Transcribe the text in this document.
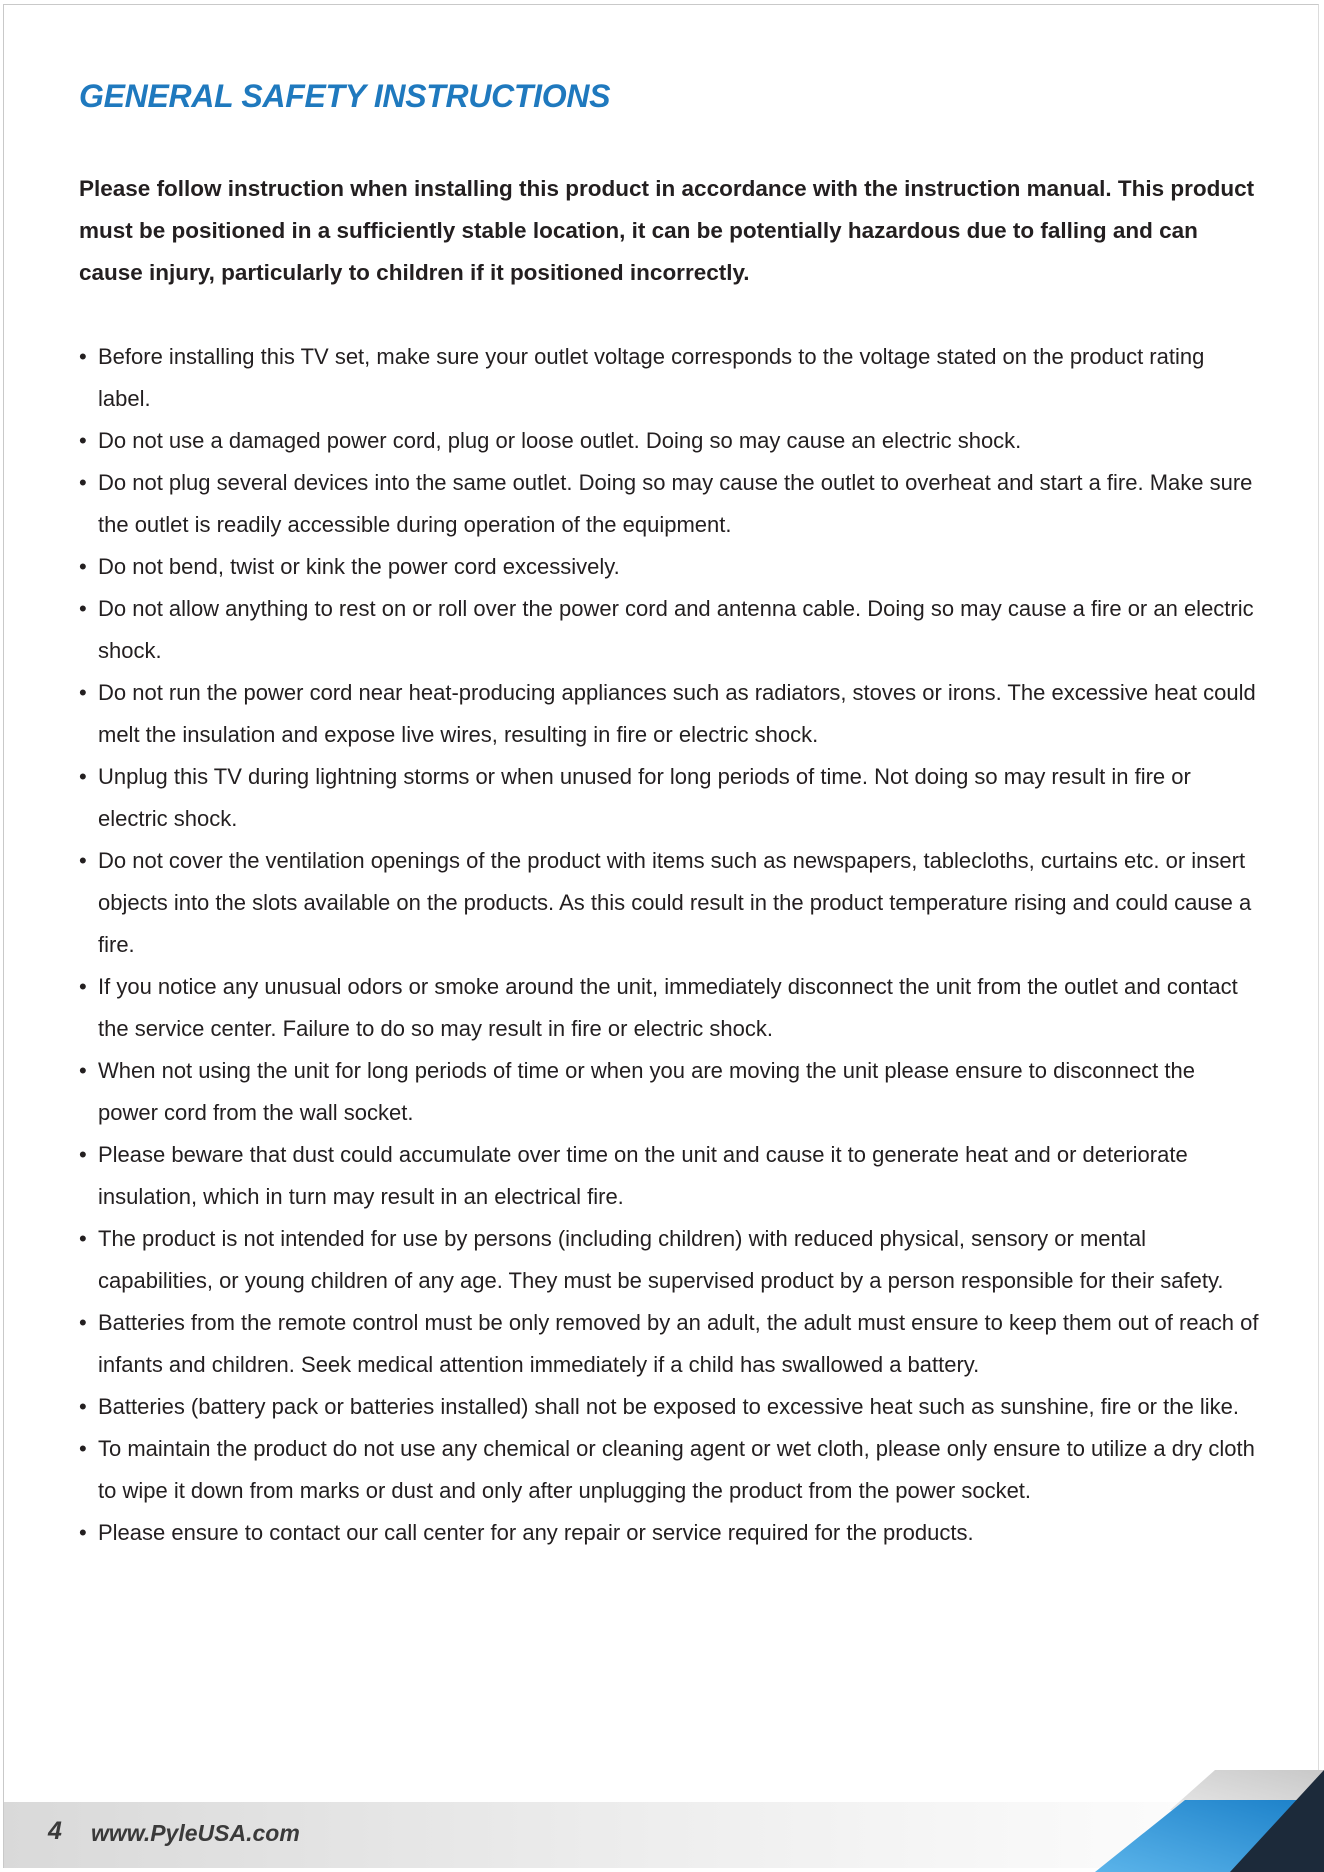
GENERAL SAFETY INSTRUCTIONS

Please follow instruction when installing this product in accordance with the instruction manual. This product must be positioned in a sufficiently stable location, it can be potentially hazardous due to falling and can cause injury, particularly to children if it positioned incorrectly.

• Before installing this TV set, make sure your outlet voltage corresponds to the voltage stated on the product rating label.
• Do not use a damaged power cord, plug or loose outlet. Doing so may cause an electric shock.
• Do not plug several devices into the same outlet. Doing so may cause the outlet to overheat and start a fire. Make sure the outlet is readily accessible during operation of the equipment.
• Do not bend, twist or kink the power cord excessively.
• Do not allow anything to rest on or roll over the power cord and antenna cable. Doing so may cause a fire or an electric shock.
• Do not run the power cord near heat-producing appliances such as radiators, stoves or irons. The excessive heat could melt the insulation and expose live wires, resulting in fire or electric shock.
• Unplug this TV during lightning storms or when unused for long periods of time. Not doing so may result in fire or electric shock.
• Do not cover the ventilation openings of the product with items such as newspapers, tablecloths, curtains etc. or insert objects into the slots available on the products. As this could result in the product temperature rising and could cause a fire.
• If you notice any unusual odors or smoke around the unit, immediately disconnect the unit from the outlet and contact the service center. Failure to do so may result in fire or electric shock.
• When not using the unit for long periods of time or when you are moving the unit please ensure to disconnect the power cord from the wall socket.
• Please beware that dust could accumulate over time on the unit and cause it to generate heat and or deteriorate insulation, which in turn may result in an electrical fire.
• The product is not intended for use by persons (including children) with reduced physical, sensory or mental capabilities, or young children of any age. They must be supervised product by a person responsible for their safety.
• Batteries from the remote control must be only removed by an adult, the adult must ensure to keep them out of reach of infants and children. Seek medical attention immediately if a child has swallowed a battery.
• Batteries (battery pack or batteries installed) shall not be exposed to excessive heat such as sunshine, fire or the like.
• To maintain the product do not use any chemical or cleaning agent or wet cloth, please only ensure to utilize a dry cloth to wipe it down from marks or dust and only after unplugging the product from the power socket.
• Please ensure to contact our call center for any repair or service required for the products.
4 www.PyleUSA.com
